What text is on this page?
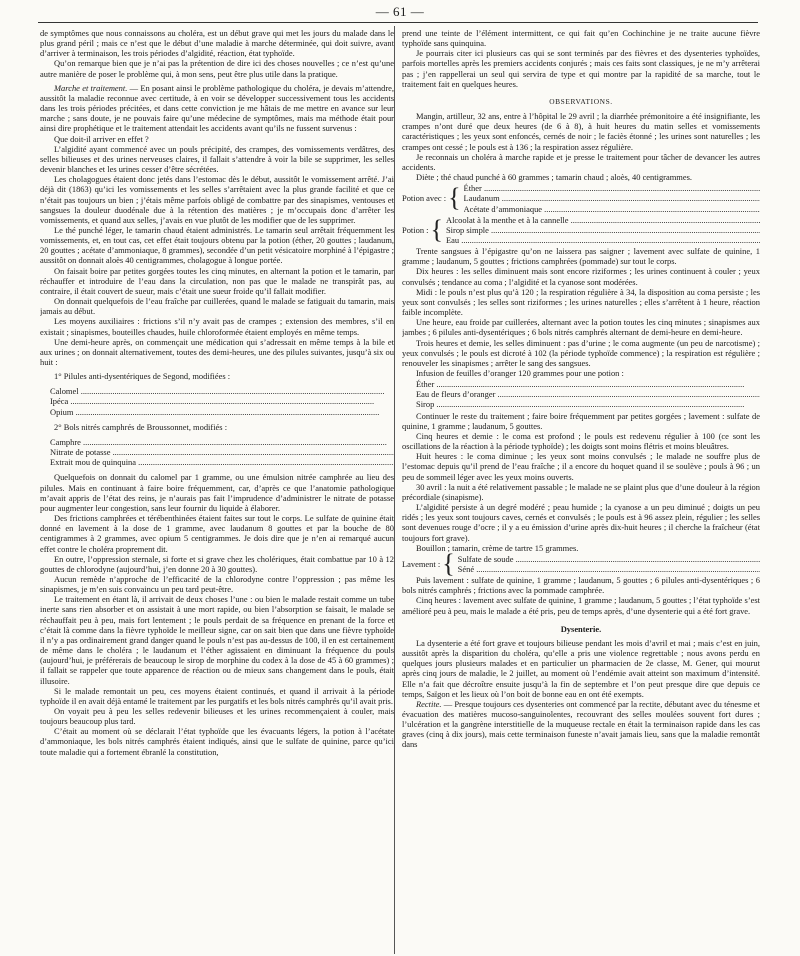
— 61 —

de symptômes que nous connaissons au choléra, est un début grave qui met les jours du malade dans le plus grand péril ; mais ce n’est que le début d’une maladie à marche déterminée, qui doit suivre, avant d’arriver à terminaison, les trois périodes d’algidité, réaction, état typhoïde.

Qu’on remarque bien que je n’ai pas la prétention de dire ici des choses nouvelles ; ce n’est qu’une autre manière de poser le problème qui, à mon sens, peut être plus utile dans la pratique.

Marche et traitement. — En posant ainsi le problème pathologique du choléra, je devais m’attendre, aussitôt la maladie reconnue avec certitude, à en voir se développer successivement tous les accidents dans les trois périodes précitées, et dans cette conviction je me hâtais de me mettre en avance sur leur marche ; sans doute, je ne pouvais faire qu’une médecine de symptômes, mais ma méthode était pour ainsi dire prophétique et le traitement attendait les accidents avant qu’ils ne fussent survenus :

Que doit-il arriver en effet ?

L’algidité ayant commencé avec un pouls précipité, des crampes, des vomissements verdâtres, des selles bilieuses et des urines nerveuses claires, il fallait s’attendre à voir la bile se supprimer, les selles devenir blanches et les urines cesser d’être sécrétées.

Les cholagogues étaient donc jetés dans l’estomac dès le début, aussitôt le vomissement arrêté. J’ai déjà dit (1863) qu’ici les vomissements et les selles s’arrêtaient avec la plus grande facilité et que ce n’était pas toujours un bien ; j’étais même parfois obligé de combattre par des sinapismes, ventouses et sangsues la douleur duodénale due à la rétention des matières ; je m’occupais donc d’arrêter les vomissements, et quand aux selles, j’avais en vue plutôt de les modifier que de les supprimer.

Le thé punché léger, le tamarin chaud étaient administrés. Le tamarin seul arrêtait fréquemment les vomissements, et, en tout cas, cet effet était toujours obtenu par la potion (éther, 20 gouttes ; laudanum, 20 gouttes ; acétate d’ammoniaque, 8 grammes), secondée d’un petit vésicatoire morphiné à l’épigastre ; aussitôt on donnait aloès 40 centigrammes, cholagogue à longue portée.

On faisait boire par petites gorgées toutes les cinq minutes, en alternant la potion et le tamarin, par réchauffer et introduire de l’eau dans la circulation, non pas que le malade ne transpirât pas, au contraire, il était couvert de sueur, mais c’était une sueur froide qu’il fallait modifier.

On donnait quelquefois de l’eau fraîche par cuillerées, quand le malade se fatiguait du tamarin, mais jamais au début.

Les moyens auxiliaires : frictions s’il n’y avait pas de crampes ; extension des membres, s’il en existait ; sinapismes, bouteilles chaudes, huile chloroformée étaient employés en même temps.

Une demi-heure après, on commençait une médication qui s’adressait en même temps à la bile et aux urines ; on donnait alternativement, toutes des demi-heures, une des pilules suivantes, jusqu’à six ou huit :

1° Pilules anti-dysentériques de Segond, modifiées :

Calomel .....
Ipéca .....
Opium .....

2° Bols nitrés camphrés de Broussonnet, modifiés :

Camphre .....
Nitrate de potasse .....
Extrait mou de quinquina .....

Quelquefois on donnait du calomel par 1 gramme, ou une émulsion nitrée camphrée au lieu des pilules. Mais en continuant à faire boire fréquemment, car, d’après ce que l’anatomie pathologique m’avait appris de l’état des reins, je n’aurais pas fait l’imprudence d’administrer le nitrate de potasse pour augmenter leur congestion, sans leur fournir du liquide à élaborer.

Des frictions camphrées et térébenthinées étaient faites sur tout le corps. Le sulfate de quinine était donné en lavement à la dose de 1 gramme, avec laudanum 8 gouttes et par la bouche de 80 centigrammes à 2 grammes, avec opium 5 centigrammes. Je dois dire que je n’en ai remarqué aucun effet contre le choléra proprement dit.

En outre, l’oppression sternale, si forte et si grave chez les cholériques, était combattue par 10 à 12 gouttes de chlorodyne (aujourd’hui, j’en donne 20 à 30 gouttes).

Aucun remède n’approche de l’efficacité de la chlorodyne contre l’oppression ; pas même les sinapismes, je m’en suis convaincu un peu tard peut-être.

Le traitement en étant là, il arrivait de deux choses l’une : ou bien le malade restait comme un tube inerte sans rien absorber et on assistait à une mort rapide, ou bien l’absorption se faisait, le malade se réchauffait peu à peu, mais fort lentement ; le pouls perdait de sa fréquence en prenant de la force et c’était là comme dans la fièvre typhoïde le meilleur signe, car on sait bien que dans une fièvre typhoïde il n’y a pas ordinairement grand danger quand le pouls n’est pas au-dessus de 100, il en est certainement de même dans le choléra ; le laudanum et l’éther agissaient en diminuant la fréquence du pouls (aujourd’hui, je préférerais de beaucoup le sirop de morphine du codex à la dose de 45 à 60 grammes) ; il fallait se rappeler que toute apparence de réaction ou de mieux sans changement dans le pouls, était illusoire.

Si le malade remontait un peu, ces moyens étaient continués, et quand il arrivait à la période typhoïde il en avait déjà entamé le traitement par les purgatifs et les bols nitrés camphrés qu’il avait pris.

On voyait peu à peu les selles redevenir bilieuses et les urines recommençaient à couler, mais toujours beaucoup plus tard.

C’était au moment où se déclarait l’état typhoïde que les évacuants légers, la potion à l’acétate d’ammoniaque, les bols nitrés camphrés étaient indiqués, ainsi que le sulfate de quinine, parce qu’ici toute maladie qui a fortement ébranlé la constitution,

prend une teinte de l’élément intermittent, ce qui fait qu’en Cochinchine je ne traite aucune fièvre typhoïde sans quinquina.

Je pourrais citer ici plusieurs cas qui se sont terminés par des fièvres et des dysenteries typhoïdes, parfois mortelles après les premiers accidents conjurés ; mais ces faits sont classiques, je ne m’y arrêterai pas ; j’en rappellerai un seul qui servira de type et qui montre par la rapidité de sa marche, tout le traitement fait en quelques heures.

OBSERVATIONS.

Mangin, artilleur, 32 ans, entre à l’hôpital le 29 avril ; la diarrhée prémonitoire a été insignifiante, les crampes n’ont duré que deux heures (de 6 à 8), à huit heures du matin selles et vomissements caractéristiques ; les yeux sont enfoncés, cernés de noir ; le faciès étonné ; les urines sont naturelles ; les crampes ont cessé ; le pouls est à 136 ; la respiration assez régulière.

Je reconnais un choléra à marche rapide et je presse le traitement pour tâcher de devancer les autres accidents.

Diète ; thé chaud punché à 60 grammes ; tamarin chaud ; aloès, 40 centigrammes.

Potion avec : { Éther .....
Laudanum .....
Acétate d’ammoniaque .....
Potion : { Alcoolat à la menthe et à la cannelle .....
Sirop simple .....
Eau .....

Trente sangsues à l’épigastre qu’on ne laissera pas saigner ; lavement avec sulfate de quinine, 1 gramme ; laudanum, 5 gouttes ; frictions camphrées (pommade) sur tout le corps.

Dix heures : les selles diminuent mais sont encore riziformes ; les urines continuent à couler ; yeux convulsés ; tendance au coma ; l’algidité et la cyanose sont modérées.

Midi : le pouls n’est plus qu’à 120 ; la respiration régulière à 34, la disposition au coma persiste ; les yeux sont convulsés ; les selles sont riziformes ; les urines naturelles ; elles s’arrêtent à 1 heure, réaction faible incomplète.

Une heure, eau froide par cuillerées, alternant avec la potion toutes les cinq minutes ; sinapismes aux jambes ; 6 pilules anti-dysentériques ; 6 bols nitrés camphrés alternant de demi-heure en demi-heure.

Trois heures et demie, les selles diminuent : pas d’urine ; le coma augmente (un peu de narcotisme) ; yeux convulsés ; le pouls est dicroté à 102 (la période typhoïde commence) ; la respiration est régulière ; renouveler les sinapismes ; arrêter le sang des sangsues.

Infusion de feuilles d’oranger 120 grammes pour une potion :

Éther .....
Eau de fleurs d’oranger .....
Sirop .....

Continuer le reste du traitement ; faire boire fréquemment par petites gorgées ; lavement : sulfate de quinine, 1 gramme ; laudanum, 5 gouttes.

Cinq heures et demie : le coma est profond ; le pouls est redevenu régulier à 100 (ce sont les oscillations de la réaction à la période typhoïde) ; les doigts sont moins flétris et moins bleuâtres.

Huit heures : le coma diminue ; les yeux sont moins convulsés ; le malade ne souffre plus de l’estomac depuis qu’il prend de l’eau fraîche ; il a encore du hoquet quand il se soulève ; pouls à 96 ; un peu de sommeil léger avec les yeux moins ouverts.

30 avril : la nuit a été relativement passable ; le malade ne se plaint plus que d’une douleur à la région précordiale (sinapisme).

L’algidité persiste à un degré modéré ; peau humide ; la cyanose a un peu diminué ; doigts un peu ridés ; les yeux sont toujours caves, cernés et convulsés ; le pouls est à 96 assez plein, régulier ; les selles sont devenues rouge d’ocre ; il y a eu émission d’urine après dix-huit heures ; il cherche la fraîcheur (état toujours fort grave).

Bouillon ; tamarin, crème de tartre 15 grammes.

Lavement : { Sulfate de soude .....
Séné .....

Puis lavement : sulfate de quinine, 1 gramme ; laudanum, 5 gouttes ; 6 pilules anti-dysentériques ; 6 bols nitrés camphrés ; frictions avec la pommade camphrée.

Cinq heures : lavement avec sulfate de quinine, 1 gramme ; laudanum, 5 gouttes ; l’état typhoïde s’est amélioré peu à peu, mais le malade a été pris, peu de temps après, d’une dysenterie qui a été fort grave.

Dysenterie.

La dysenterie a été fort grave et toujours bilieuse pendant les mois d’avril et mai ; mais c’est en juin, aussitôt après la disparition du choléra, qu’elle a pris une violence regrettable ; nous avons perdu en quelques jours plusieurs malades et en particulier un pharmacien de 2e classe, M. Gener, qui mourut après cinq jours de maladie, le 2 juillet, au moment où l’endémie avait atteint son maximum d’intensité. Elle n’a fait que décroître ensuite jusqu’à la fin de septembre et l’on peut presque dire que depuis ce temps, Saïgon et les lieux où l’on boit de bonne eau en ont été exempts.

Rectite. — Presque toujours ces dysenteries ont commencé par la rectite, débutant avec du ténesme et évacuation des matières mucoso-sanguinolentes, recouvrant des selles moulées souvent fort dures ; l’ulcération et la gangrène interstitielle de la muqueuse rectale en était la terminaison rapide dans les cas graves (cinq à dix jours), mais cette terminaison funeste n’avait jamais lieu, sans que la maladie remontât dans
